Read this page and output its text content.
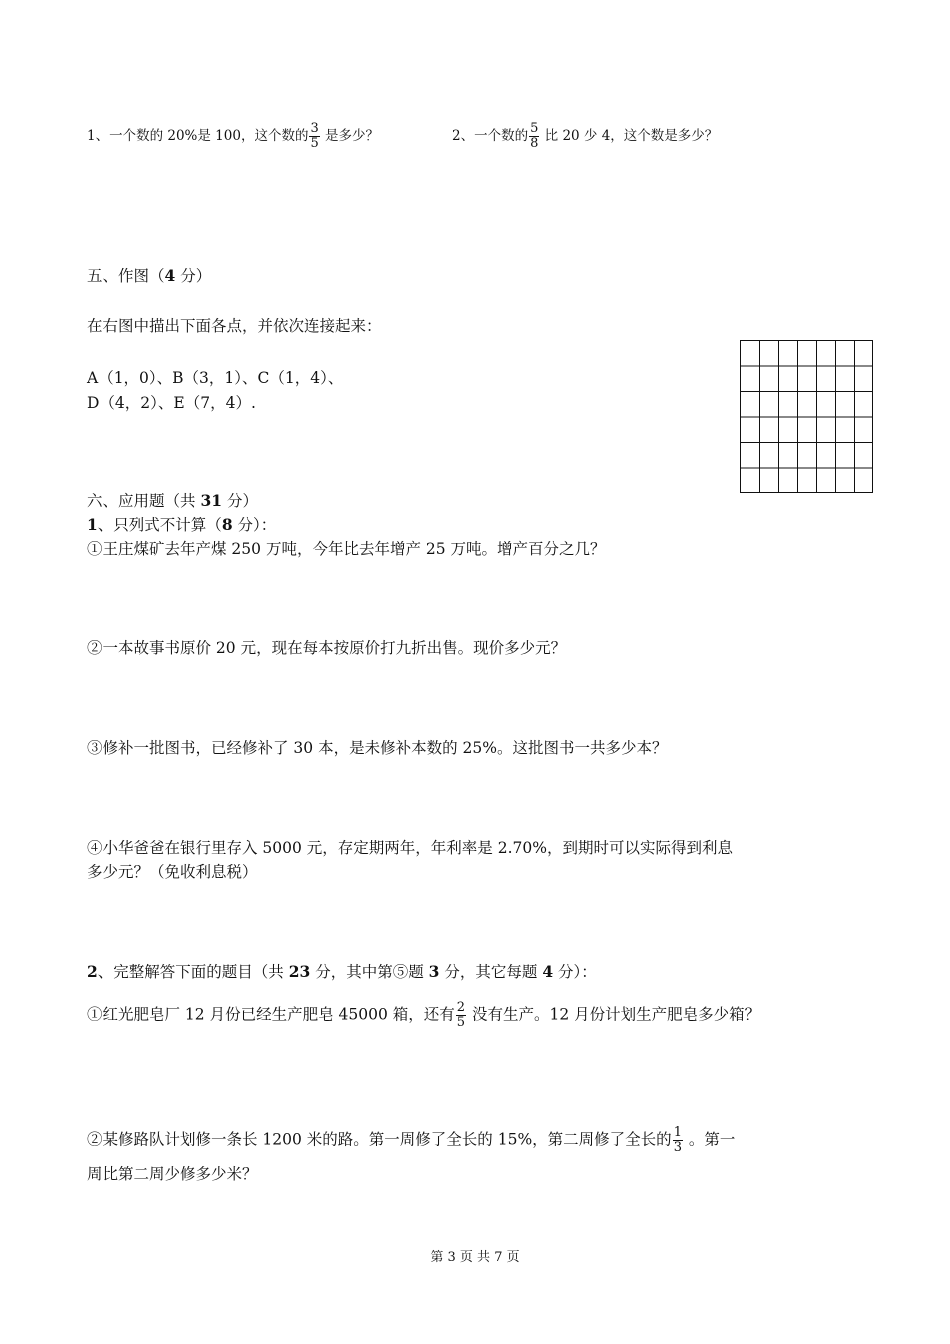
1、一个数的 20%是 100，这个数的 $\frac{3}{5}$ 是多少？	2、一个数的 $\frac{5}{8}$ 比 20 少 4，这个数是多少？
五、作图（4 分）
在右图中描出下面各点，并依次连接起来：
A（1，0）、B（3，1）、C（1，4）、
D（4，2）、E（7，4）.
六、应用题（共 31 分）
1、只列式不计算（8 分）：
①王庄煤矿去年产煤 250 万吨，今年比去年增产 25 万吨。增产百分之几？
②一本故事书原价 20 元，现在每本按原价打九折出售。现价多少元？
③修补一批图书，已经修补了 30 本，是未修补本数的 25%。这批图书一共多少本？
④小华爸爸在银行里存入 5000 元，存定期两年，年利率是 2.70%，到期时可以实际得到利息
多少元？（免收利息税）
2、完整解答下面的题目（共 23 分，其中第⑤题 3 分，其它每题 4 分）：
①红光肥皂厂 12 月份已经生产肥皂 45000 箱，还有 $\frac{2}{5}$ 没有生产。12 月份计划生产肥皂多少箱？
②某修路队计划修一条长 1200 米的路。第一周修了全长的 15%，第二周修了全长的 $\frac{1}{3}$ 。第一
周比第二周少修多少米？
第 3 页 共 7 页
